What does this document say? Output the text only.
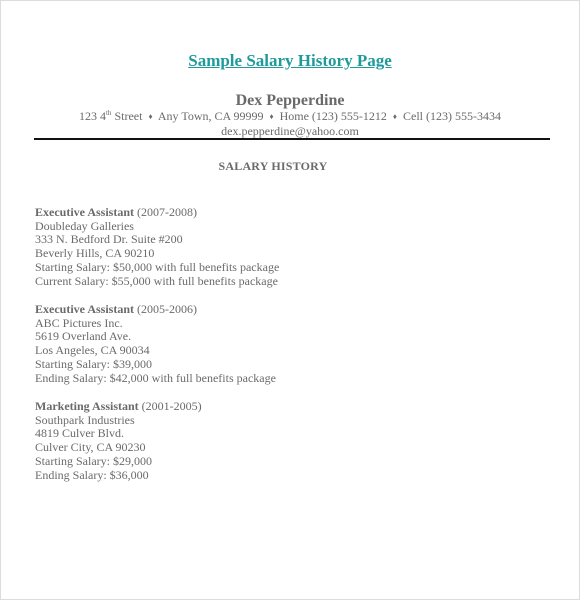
Sample Salary History Page
Dex Pepperdine
123 4th Street ♦ Any Town, CA 99999 ♦ Home (123) 555-1212 ♦ Cell (123) 555-3434
dex.pepperdine@yahoo.com
SALARY HISTORY
Executive Assistant (2007-2008)
Doubleday Galleries
333 N. Bedford Dr. Suite #200
Beverly Hills, CA 90210
Starting Salary: $50,000 with full benefits package
Current Salary: $55,000 with full benefits package
Executive Assistant (2005-2006)
ABC Pictures Inc.
5619 Overland Ave.
Los Angeles, CA 90034
Starting Salary: $39,000
Ending Salary: $42,000 with full benefits package
Marketing Assistant (2001-2005)
Southpark Industries
4819 Culver Blvd.
Culver City, CA 90230
Starting Salary: $29,000
Ending Salary: $36,000
